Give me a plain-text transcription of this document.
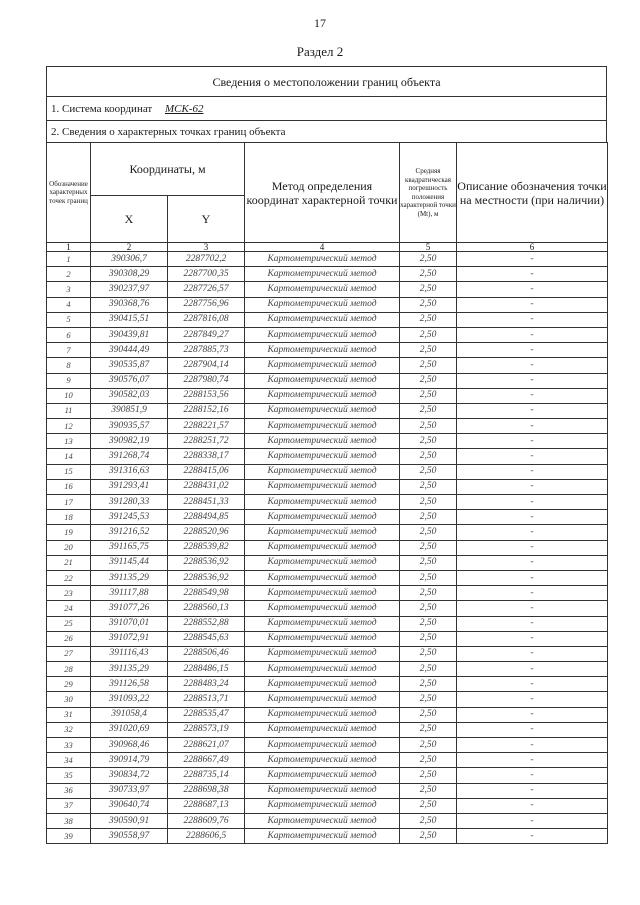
17
Раздел 2
Сведения о местоположении границ объекта
1. Система координат МСК-62
2. Сведения о характерных точках границ объекта
Обозначение характерных точек границ	Координаты, м		Метод определения координат характерной точки	Средняя квадратическая погрешность положения характерной точки (Mt), м	Описание обозначения точки на местности (при наличии)
	X	Y			
1	2	3	4	5	6
1	390306,7	2287702,2	Картометрический метод	2,50	-
2	390308,29	2287700,35	Картометрический метод	2,50	-
3	390237,97	2287726,57	Картометрический метод	2,50	-
4	390368,76	2287756,96	Картометрический метод	2,50	-
5	390415,51	2287816,08	Картометрический метод	2,50	-
6	390439,81	2287849,27	Картометрический метод	2,50	-
7	390444,49	2287885,73	Картометрический метод	2,50	-
8	390535,87	2287904,14	Картометрический метод	2,50	-
9	390576,07	2287980,74	Картометрический метод	2,50	-
10	390582,03	2288153,56	Картометрический метод	2,50	-
11	390851,9	2288152,16	Картометрический метод	2,50	-
12	390935,57	2288221,57	Картометрический метод	2,50	-
13	390982,19	2288251,72	Картометрический метод	2,50	-
14	391268,74	2288338,17	Картометрический метод	2,50	-
15	391316,63	2288415,06	Картометрический метод	2,50	-
16	391293,41	2288431,02	Картометрический метод	2,50	-
17	391280,33	2288451,33	Картометрический метод	2,50	-
18	391245,53	2288494,85	Картометрический метод	2,50	-
19	391216,52	2288520,96	Картометрический метод	2,50	-
20	391165,75	2288539,82	Картометрический метод	2,50	-
21	391145,44	2288536,92	Картометрический метод	2,50	-
22	391135,29	2288536,92	Картометрический метод	2,50	-
23	391117,88	2288549,98	Картометрический метод	2,50	-
24	391077,26	2288560,13	Картометрический метод	2,50	-
25	391070,01	2288552,88	Картометрический метод	2,50	-
26	391072,91	2288545,63	Картометрический метод	2,50	-
27	391116,43	2288506,46	Картометрический метод	2,50	-
28	391135,29	2288486,15	Картометрический метод	2,50	-
29	391126,58	2288483,24	Картометрический метод	2,50	-
30	391093,22	2288513,71	Картометрический метод	2,50	-
31	391058,4	2288535,47	Картометрический метод	2,50	-
32	391020,69	2288573,19	Картометрический метод	2,50	-
33	390968,46	2288621,07	Картометрический метод	2,50	-
34	390914,79	2288667,49	Картометрический метод	2,50	-
35	390834,72	2288735,14	Картометрический метод	2,50	-
36	390733,97	2288698,38	Картометрический метод	2,50	-
37	390640,74	2288687,13	Картометрический метод	2,50	-
38	390590,91	2288609,76	Картометрический метод	2,50	-
39	390558,97	2288606,5	Картометрический метод	2,50	-
